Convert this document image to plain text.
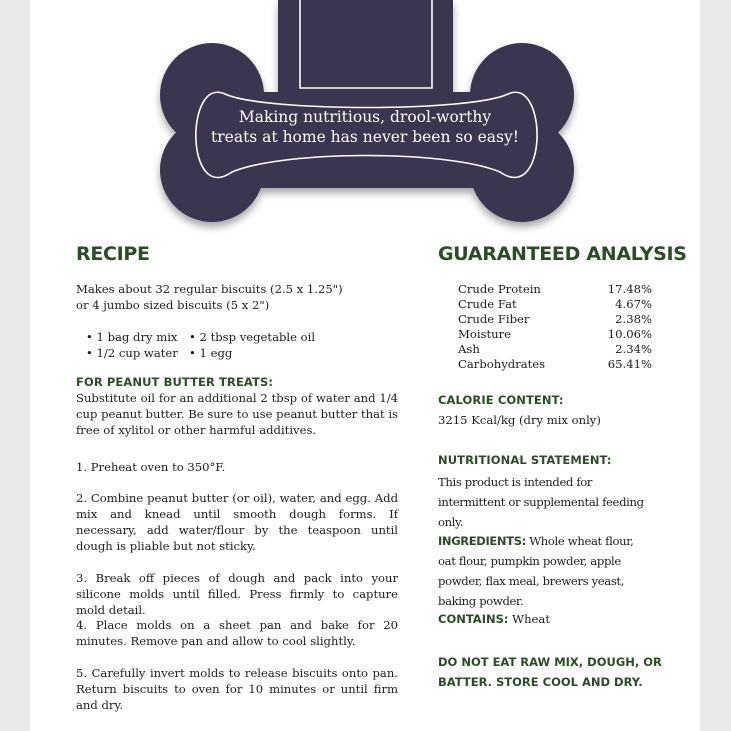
Making nutritious, drool-worthy
treats at home has never been so easy!
RECIPE
Makes about 32 regular biscuits (2.5 x 1.25")
or 4 jumbo sized biscuits (5 x 2")
• 1 bag dry mix • 2 tbsp vegetable oil
• 1/2 cup water • 1 egg
FOR PEANUT BUTTER TREATS:
Substitute oil for an additional 2 tbsp of water and 1/4 cup peanut butter. Be sure to use peanut butter that is free of xylitol or other harmful additives.
1. Preheat oven to 350°F.
2. Combine peanut butter (or oil), water, and egg. Add mix and knead until smooth dough forms. If necessary, add water/flour by the teaspoon until dough is pliable but not sticky.
3. Break off pieces of dough and pack into your silicone molds until filled. Press firmly to capture mold detail.
4. Place molds on a sheet pan and bake for 20 minutes. Remove pan and allow to cool slightly.
5. Carefully invert molds to release biscuits onto pan. Return biscuits to oven for 10 minutes or until firm and dry.
GUARANTEED ANALYSIS
Crude Protein	17.48%
Crude Fat	4.67%
Crude Fiber	2.38%
Moisture	10.06%
Ash	2.34%
Carbohydrates	65.41%
CALORIE CONTENT:
3215 Kcal/kg (dry mix only)
NUTRITIONAL STATEMENT:
This product is intended for intermittent or supplemental feeding only.
INGREDIENTS: Whole wheat flour, oat flour, pumpkin powder, apple powder, flax meal, brewers yeast, baking powder.
CONTAINS: Wheat
DO NOT EAT RAW MIX, DOUGH, OR
BATTER. STORE COOL AND DRY.
